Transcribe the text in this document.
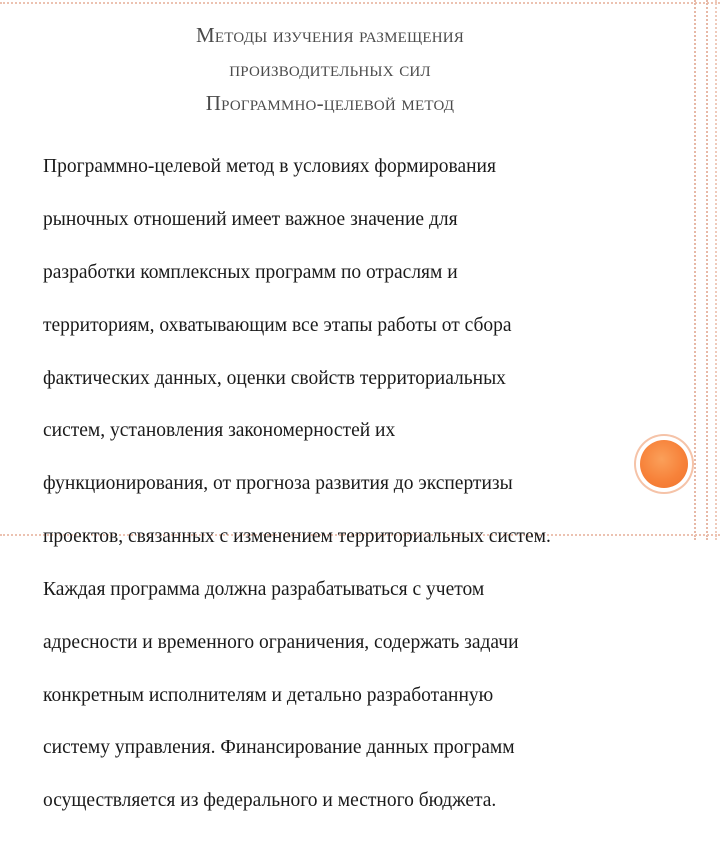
Методы изучения размещения
производительных сил
Программно-целевой метод

Программно-целевой метод в условиях формирования

рыночных отношений имеет важное значение для

разработки комплексных программ по отраслям и

территориям, охватывающим все этапы работы от сбора

фактических данных, оценки свойств территориальных

систем, установления закономерностей их

функционирования, от прогноза развития до экспертизы

проектов, связанных с изменением территориальных систем.

Каждая программа должна разрабатываться с учетом

адресности и временного ограничения, содержать задачи

конкретным исполнителям и детально разработанную

систему управления. Финансирование данных программ

осуществляется из федерального и местного бюджета.
